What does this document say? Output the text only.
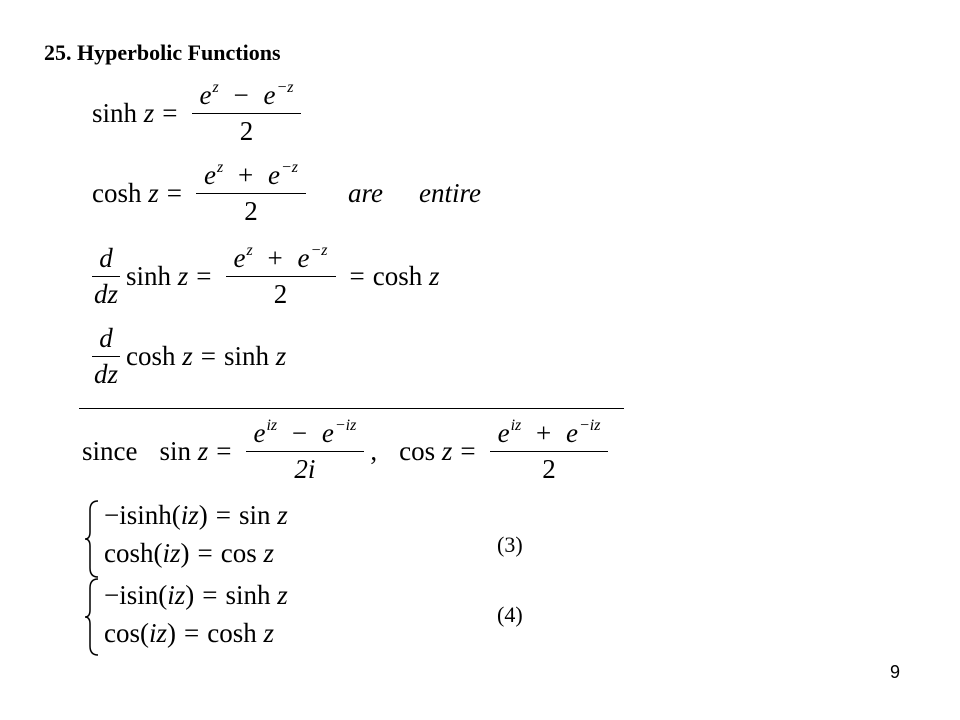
25. Hyperbolic Functions
sinh
$z = \frac{e^z - e^{-z}}{2}$
cosh
$z = \frac{e^z + e^{-z}}{2}$ are entire
$\frac{d}{dz}$ sinh
$z = \frac{e^z + e^{-z}}{2} = \cosh$
z
$\frac{d}{dz}$ cosh
z = sinh
z
since sin
$z = \frac{e^{iz} - e^{-iz}}{2i}$ , cos
$z = \frac{e^{iz} + e^{-iz}}{2}$
−i sinh( iz ) = sin
z
cosh( iz ) = cos
z	(3)
−i sin( iz ) = sinh
z
cos( iz ) = cosh
z
(4)
9
